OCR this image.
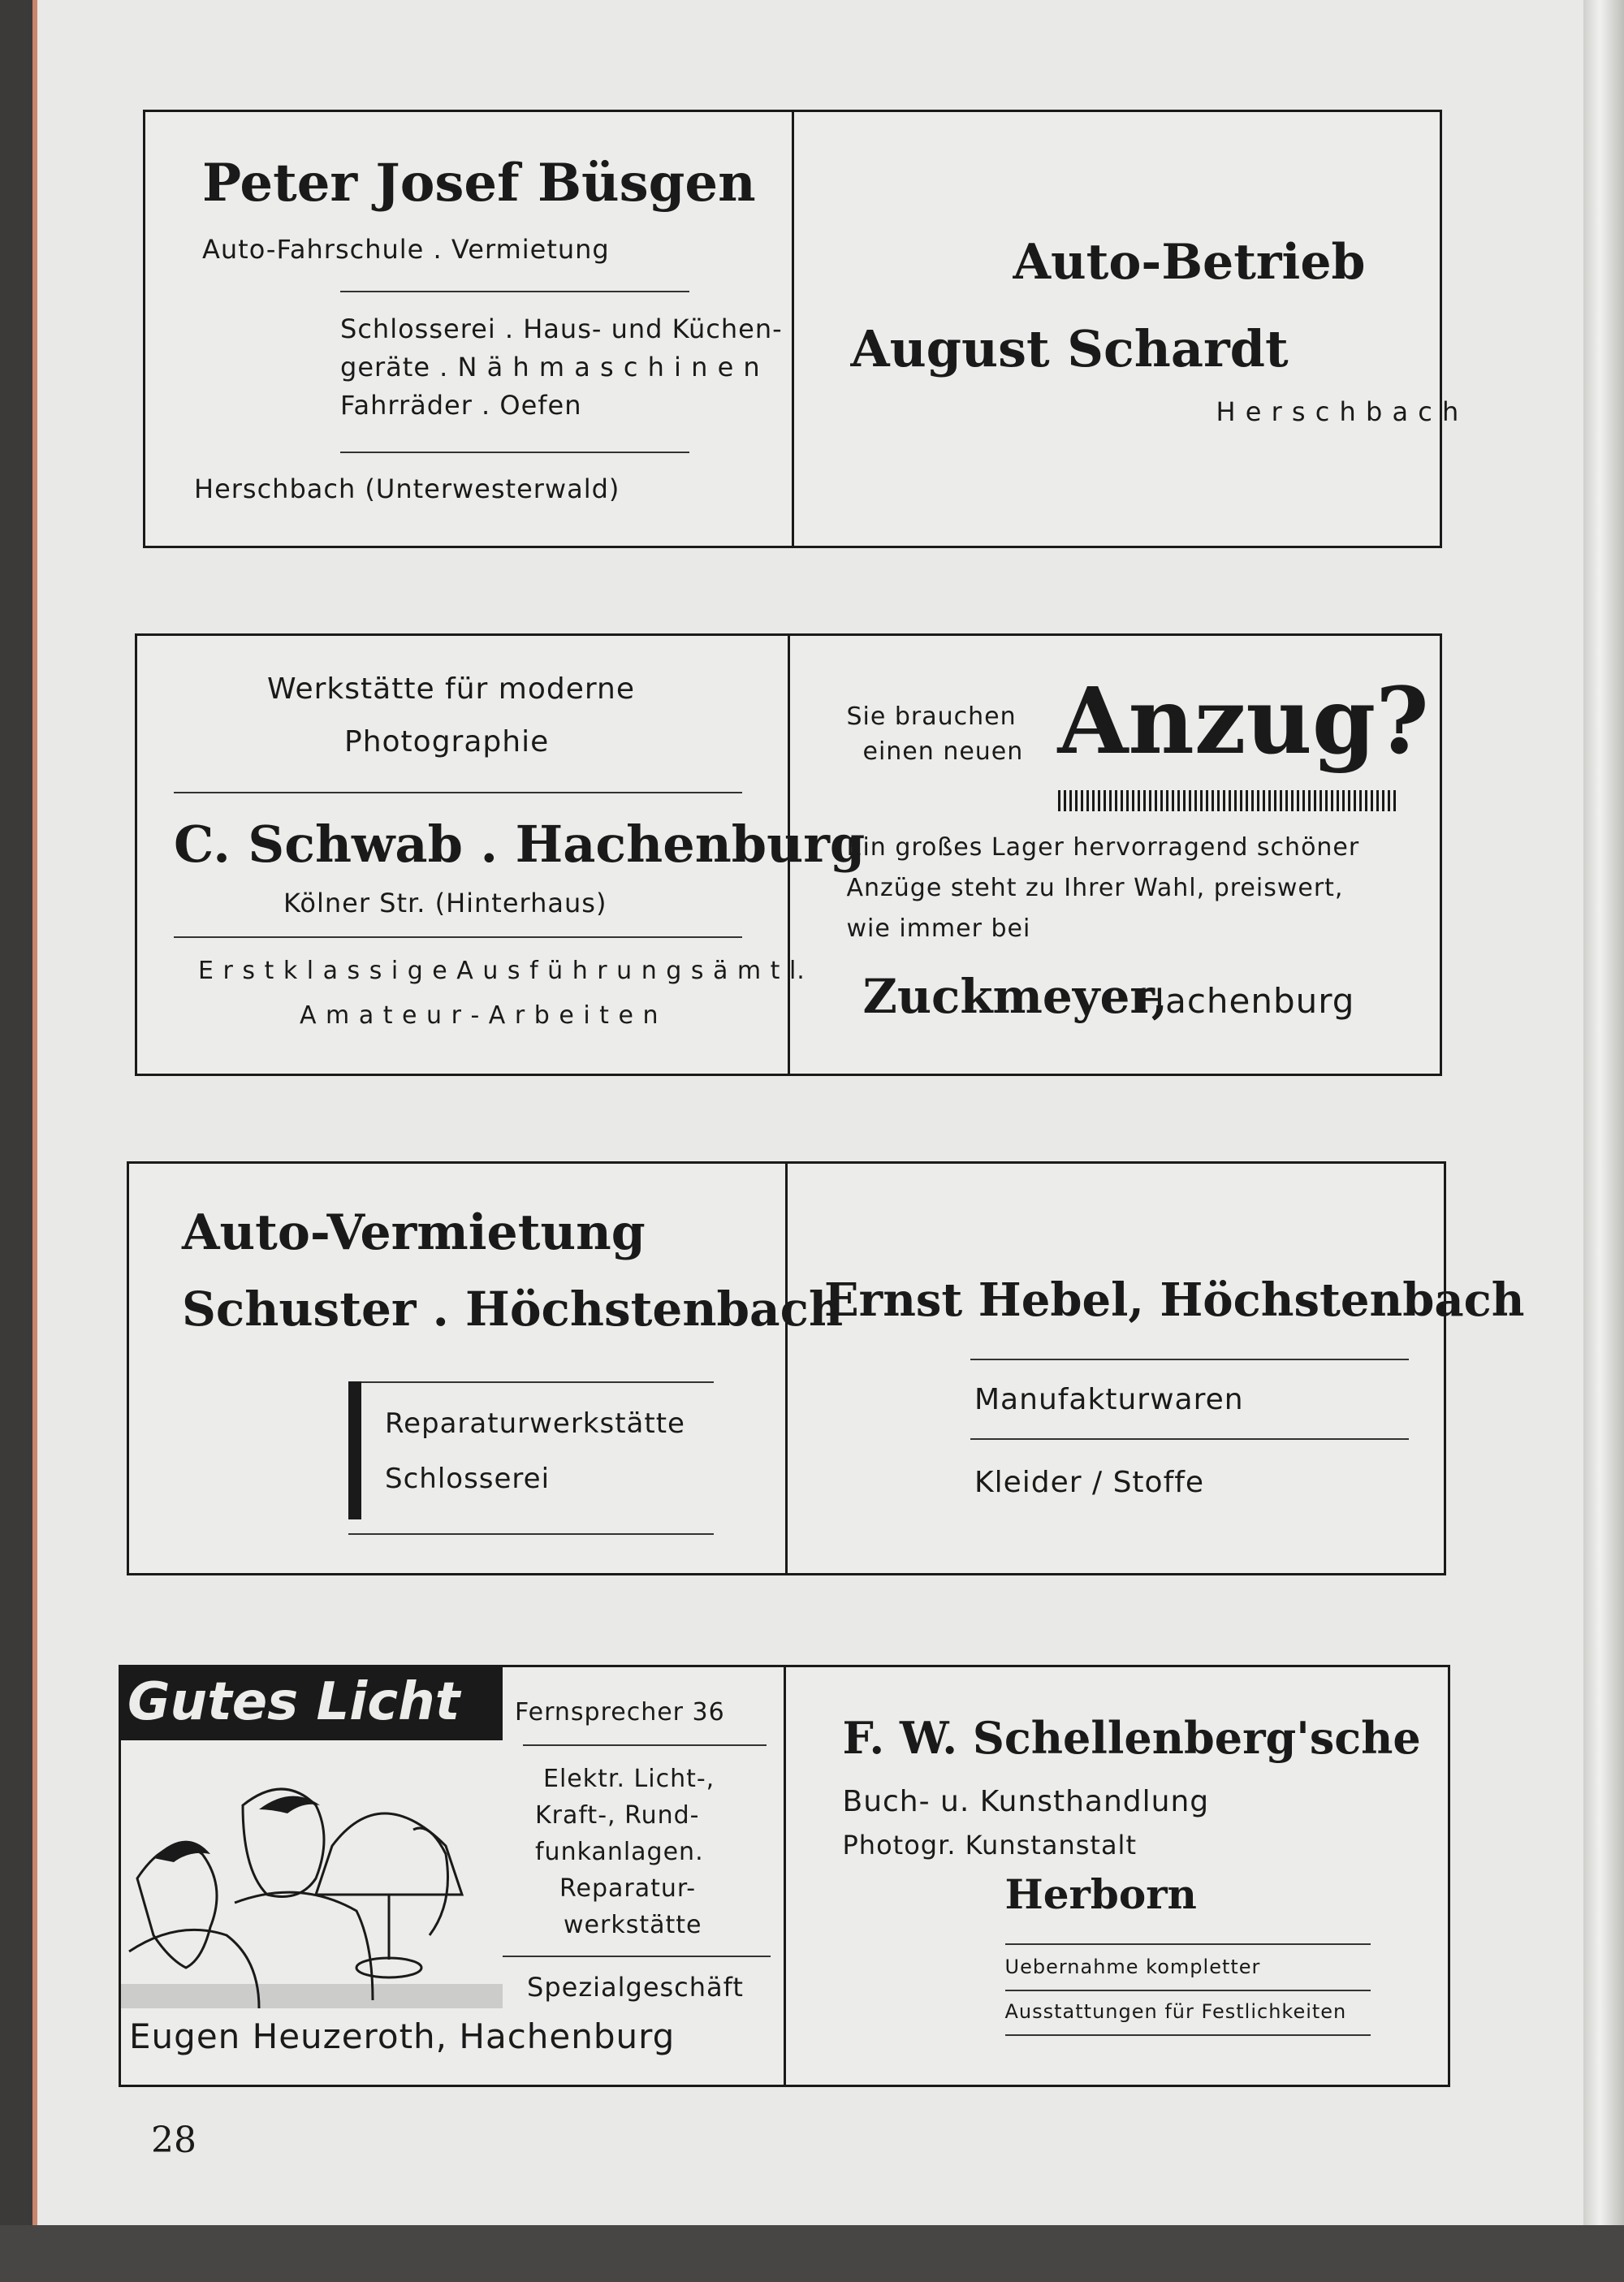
Peter Josef Büsgen
Auto-Fahrschule . Vermietung
Schlosserei . Haus- und Küchen-
geräte . N ä h m a s c h i n e n
Fahrräder . Oefen
Herschbach (Unterwesterwald)
Auto-Betrieb
August Schardt
H e r s c h b a c h
Werkstätte für moderne
Photographie
C. Schwab . Hachenburg
Kölner Str. (Hinterhaus)
E r s t k l a s s i g e A u s f ü h r u n g s ä m t l.
A m a t e u r - A r b e i t e n
Sie brauchen
einen neuen Anzug?
Ein großes Lager hervorragend schöner
Anzüge steht zu Ihrer Wahl, preiswert,
wie immer bei
Zuckmeyer,
Hachenburg
Auto-Vermietung
Schuster . Höchstenbach
Reparaturwerkstätte
Schlosserei
Ernst Hebel, Höchstenbach
Manufakturwaren
Kleider / Stoffe
Gutes Licht Fernsprecher 36
Elektr. Licht-,
Kraft-, Rund-
funkanlagen.
Reparatur-
werkstätte
Spezialgeschäft
Eugen Heuzeroth, Hachenburg
F. W. Schellenberg'sche
Buch- u. Kunsthandlung
Photogr. Kunstanstalt
Herborn
Uebernahme kompletter
Ausstattungen für Festlichkeiten
28
